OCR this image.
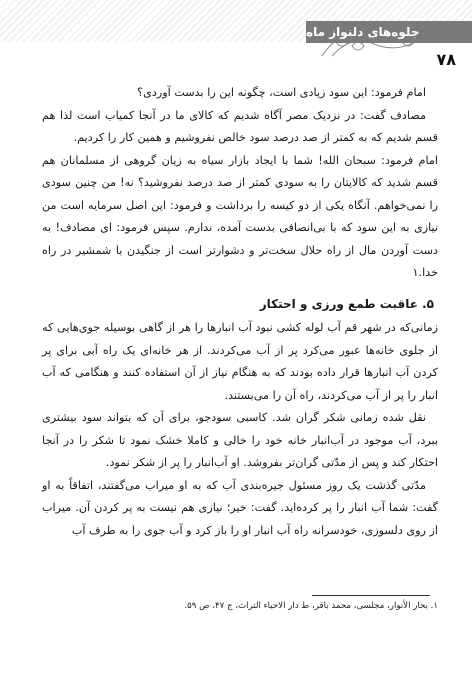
جلوه‌های دلنواز ماه
۷۸

امام فرمود: این سود زیادی است، چگونه این را بدست آوردی؟

مصادف گفت: در نزدیک مصر آگاه شدیم که کالای ما در آنجا کمیاب است لذا هم قسم شدیم که به کمتر از صد درصد سود خالص نفروشیم و همین کار را کردیم.

امام فرمود: سبحان الله! شما با ایجاد بازار سیاه به زیان گروهی از مسلمانان هم قسم شدید که کالایتان را به سودی کمتر از صد درصد نفروشید؟ نه! من چنین سودی را نمی‌خواهم. آنگاه یکی از دو کیسه را برداشت و فرمود: این اصل سرمایه است من نیازی به این سود که با بی‌انصافی بدست آمده، ندارم. سپس فرمود: ای مصادف! به دست آوردن مال از راه حلال سخت‌تر و دشوارتر است از جنگیدن با شمشیر در راه خدا.۱

۵. عاقبت طمع ورزی و احتکار

زمانی‌که در شهر قم آب لوله کشی نبود آب انبارها را هر از گاهی بوسیله جوی‌هایی که از جلوی خانه‌ها عبور می‌کرد پر از آب می‌کردند. از هر خانه‌ای یک راه آبی برای پر کردن آب انبارها قرار داده بودند که به هنگام نیاز از آن استفاده کنند و هنگامی که آب انبار را پر از آب می‌کردند، راه آن را می‌بستند.

نقل شده زمانی شکر گران شد. کاسبی سودجو، برای آن که بتواند سود بیشتری ببرد، آب موجود در آب‌انبار خانه خود را خالی و کاملا خشک نمود تا شکر را در آنجا احتکار کند و پس از مدّتی گران‌تر بفروشد. او آب‌انبار را پر از شکر نمود.

مدّتی گذشت یک روز مسئول جیره‌بندی آب که به او میراب می‌گفتند، اتفاقاً به او گفت: شما آب انبار را پر کرده‌اید. گفت: خیر؛ نیازی هم نیست به پر کردن آن. میراب از روی دلسوزی، خودسرانه راه آب انبار او را باز کرد و آب جوی را به طرف آب

۱. بحار الأنوار، مجلسی، محمد باقر، ط دار الاحیاء التراث، ج ۴۷، ص ۵۹.
